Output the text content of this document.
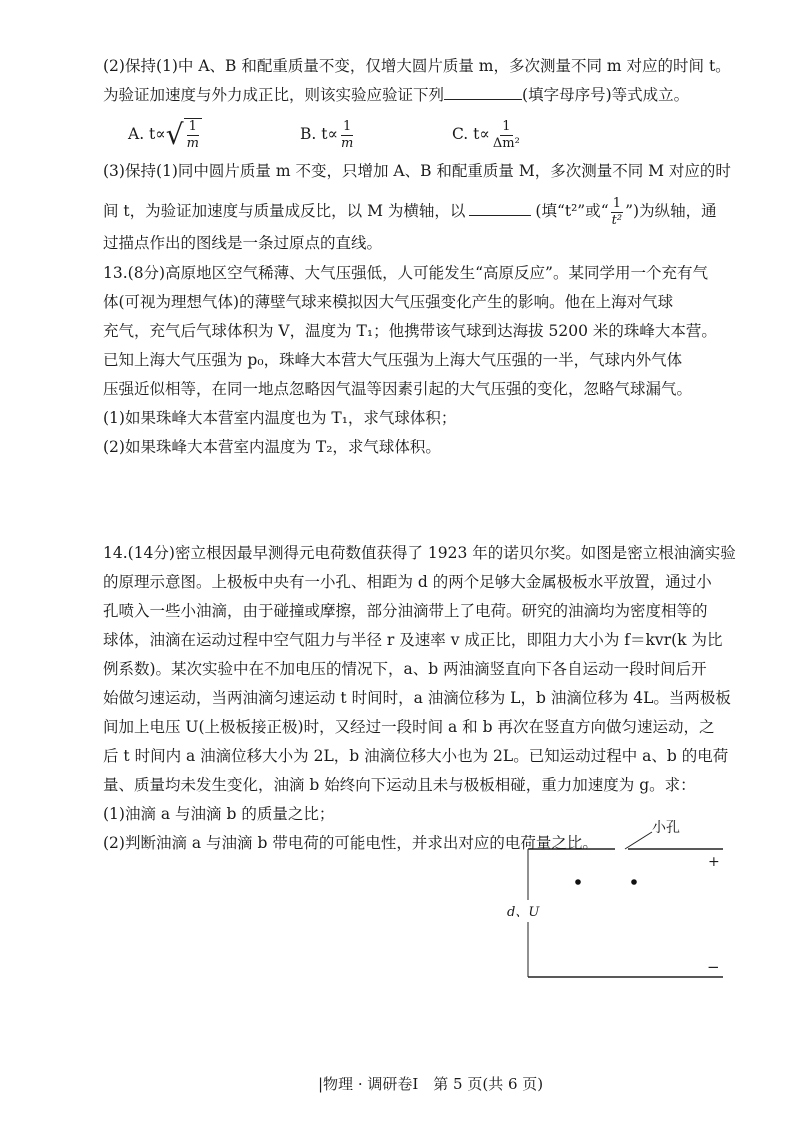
(2)保持(1)中 A、B 和配重质量不变，仅增大圆片质量 m，多次测量不同 m 对应的时间 t。
为验证加速度与外力成正比，则该实验应验证下列	(填字母序号)等式成立。
A. t∝ √ $\frac{1}{m}$	B. $t\propto \frac{1}{m}$	C. $t\propto \frac{1}{\text{Δm²}}$
(3)保持(1)同中圆片质量 m 不变，只增加 A、B 和配重质量 M，多次测量不同 M 对应的时
间 t，为验证加速度与质量成反比，以 M 为横轴，以	(填“t²”或“ $\frac{1}{\text{t²}}$ ”)为纵轴，通
过描点作出的图线是一条过原点的直线。
13.(8分)高原地区空气稀薄、大气压强低，人可能发生“高原反应”。某同学用一个充有气
体(可视为理想气体)的薄壁气球来模拟因大气压强变化产生的影响。他在上海对气球
充气，充气后气球体积为 V，温度为 T₁；他携带该气球到达海拔 5200 米的珠峰大本营。
已知上海大气压强为 p₀，珠峰大本营大气压强为上海大气压强的一半，气球内外气体
压强近似相等，在同一地点忽略因气温等因素引起的大气压强的变化，忽略气球漏气。
(1)如果珠峰大本营室内温度也为 T₁，求气球体积；
(2)如果珠峰大本营室内温度为 T₂，求气球体积。
14.(14分)密立根因最早测得元电荷数值获得了 1923 年的诺贝尔奖。如图是密立根油滴实验
的原理示意图。上极板中央有一小孔、相距为 d 的两个足够大金属极板水平放置，通过小
孔喷入一些小油滴，由于碰撞或摩擦，部分油滴带上了电荷。研究的油滴均为密度相等的
球体，油滴在运动过程中空气阻力与半径 r 及速率 v 成正比，即阻力大小为 f＝kvr(k 为比
例系数)。某次实验中在不加电压的情况下，a、b 两油滴竖直向下各自运动一段时间后开
始做匀速运动，当两油滴匀速运动 t 时间时，a 油滴位移为 L，b 油滴位移为 4L。当两极板
间加上电压 U(上极板接正极)时，又经过一段时间 a 和 b 再次在竖直方向做匀速运动，之
后 t 时间内 a 油滴位移大小为 2L，b 油滴位移大小也为 2L。已知运动过程中 a、b 的电荷
量、质量均未发生变化，油滴 b 始终向下运动且未与极板相碰，重力加速度为 g。求：
(1)油滴 a 与油滴 b 的质量之比；
(2)判断油滴 a 与油滴 b 带电荷的可能电性，并求出对应的电荷量之比。
小孔
+
−
d、U
|物理 · 调研卷Ⅰ　第 5 页(共 6 页)
